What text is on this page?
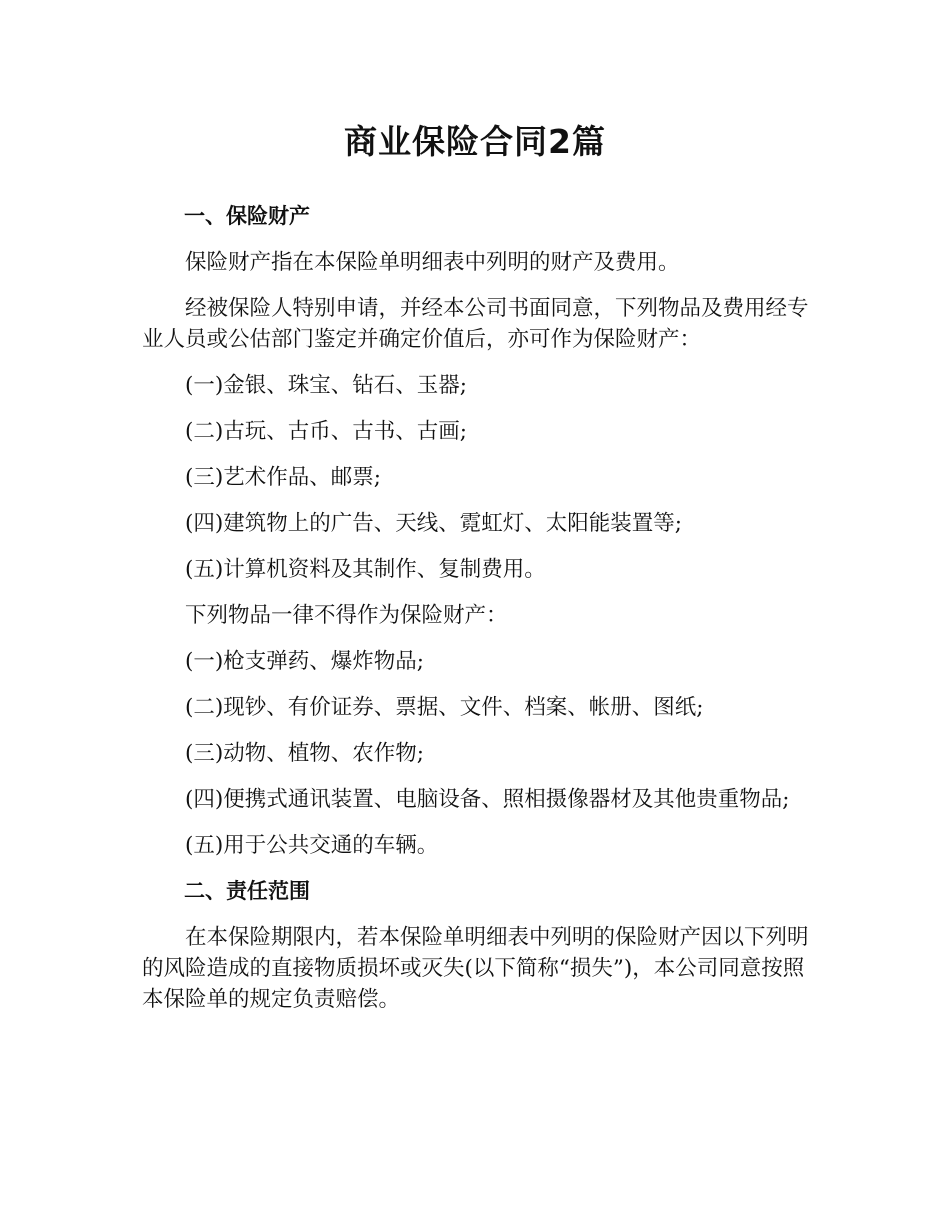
商业保险合同2篇

一、保险财产

保险财产指在本保险单明细表中列明的财产及费用。

经被保险人特别申请，并经本公司书面同意，下列物品及费用经专业人员或公估部门鉴定并确定价值后，亦可作为保险财产：

(一)金银、珠宝、钻石、玉器;

(二)古玩、古币、古书、古画;

(三)艺术作品、邮票;

(四)建筑物上的广告、天线、霓虹灯、太阳能装置等;

(五)计算机资料及其制作、复制费用。

下列物品一律不得作为保险财产：

(一)枪支弹药、爆炸物品;

(二)现钞、有价证券、票据、文件、档案、帐册、图纸;

(三)动物、植物、农作物;

(四)便携式通讯装置、电脑设备、照相摄像器材及其他贵重物品;

(五)用于公共交通的车辆。

二、责任范围

在本保险期限内，若本保险单明细表中列明的保险财产因以下列明的风险造成的直接物质损坏或灭失(以下简称“损失”)，本公司同意按照本保险单的规定负责赔偿。
